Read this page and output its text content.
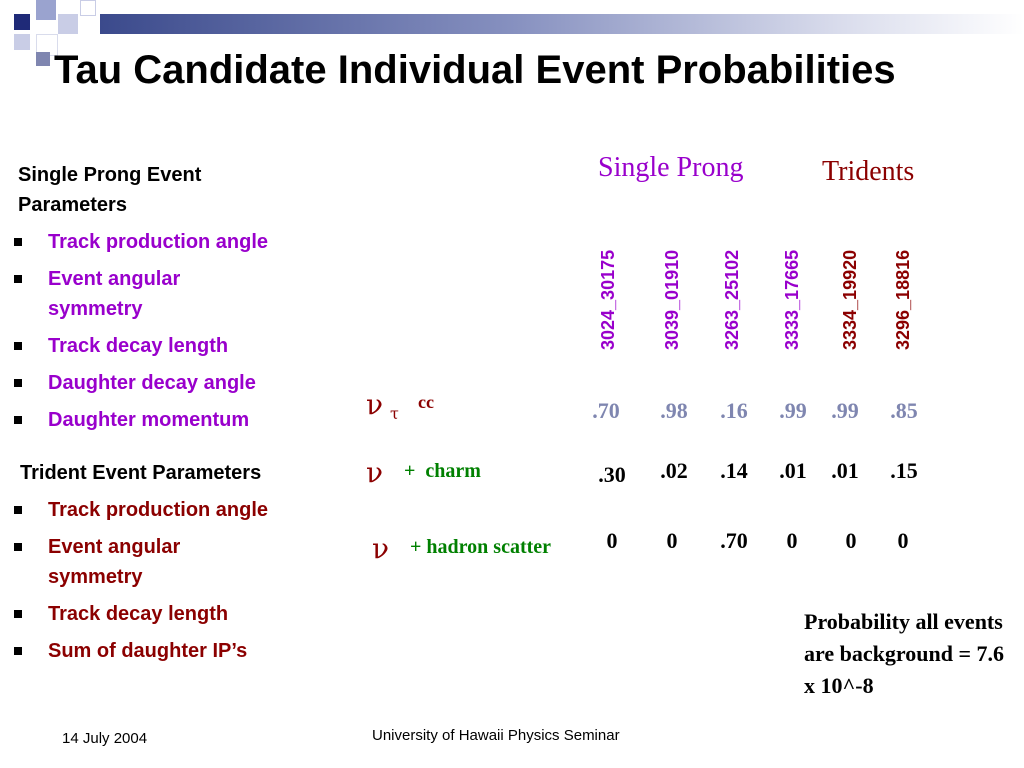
Tau Candidate Individual Event Probabilities
Single Prong Event Parameters
Track production angle
Event angular symmetry
Track decay length
Daughter decay angle
Daughter momentum
Trident Event Parameters
Track production angle
Event angular symmetry
Track decay length
Sum of daughter IP’s
Single Prong	Tridents
3024_30175 3039_01910 3263_25102 3333_17665 3334_19920 3296_18816
ν τ
cc	.70	.98	.16	.99	.99	.85
ν +  charm	.30	.02	.14	.01	.01	.15
ν + hadron scatter	0	0	.70	0	0	0
Probability all events are background = 7.6 x 10^-8
14 July 2004	University of Hawaii Physics Seminar
